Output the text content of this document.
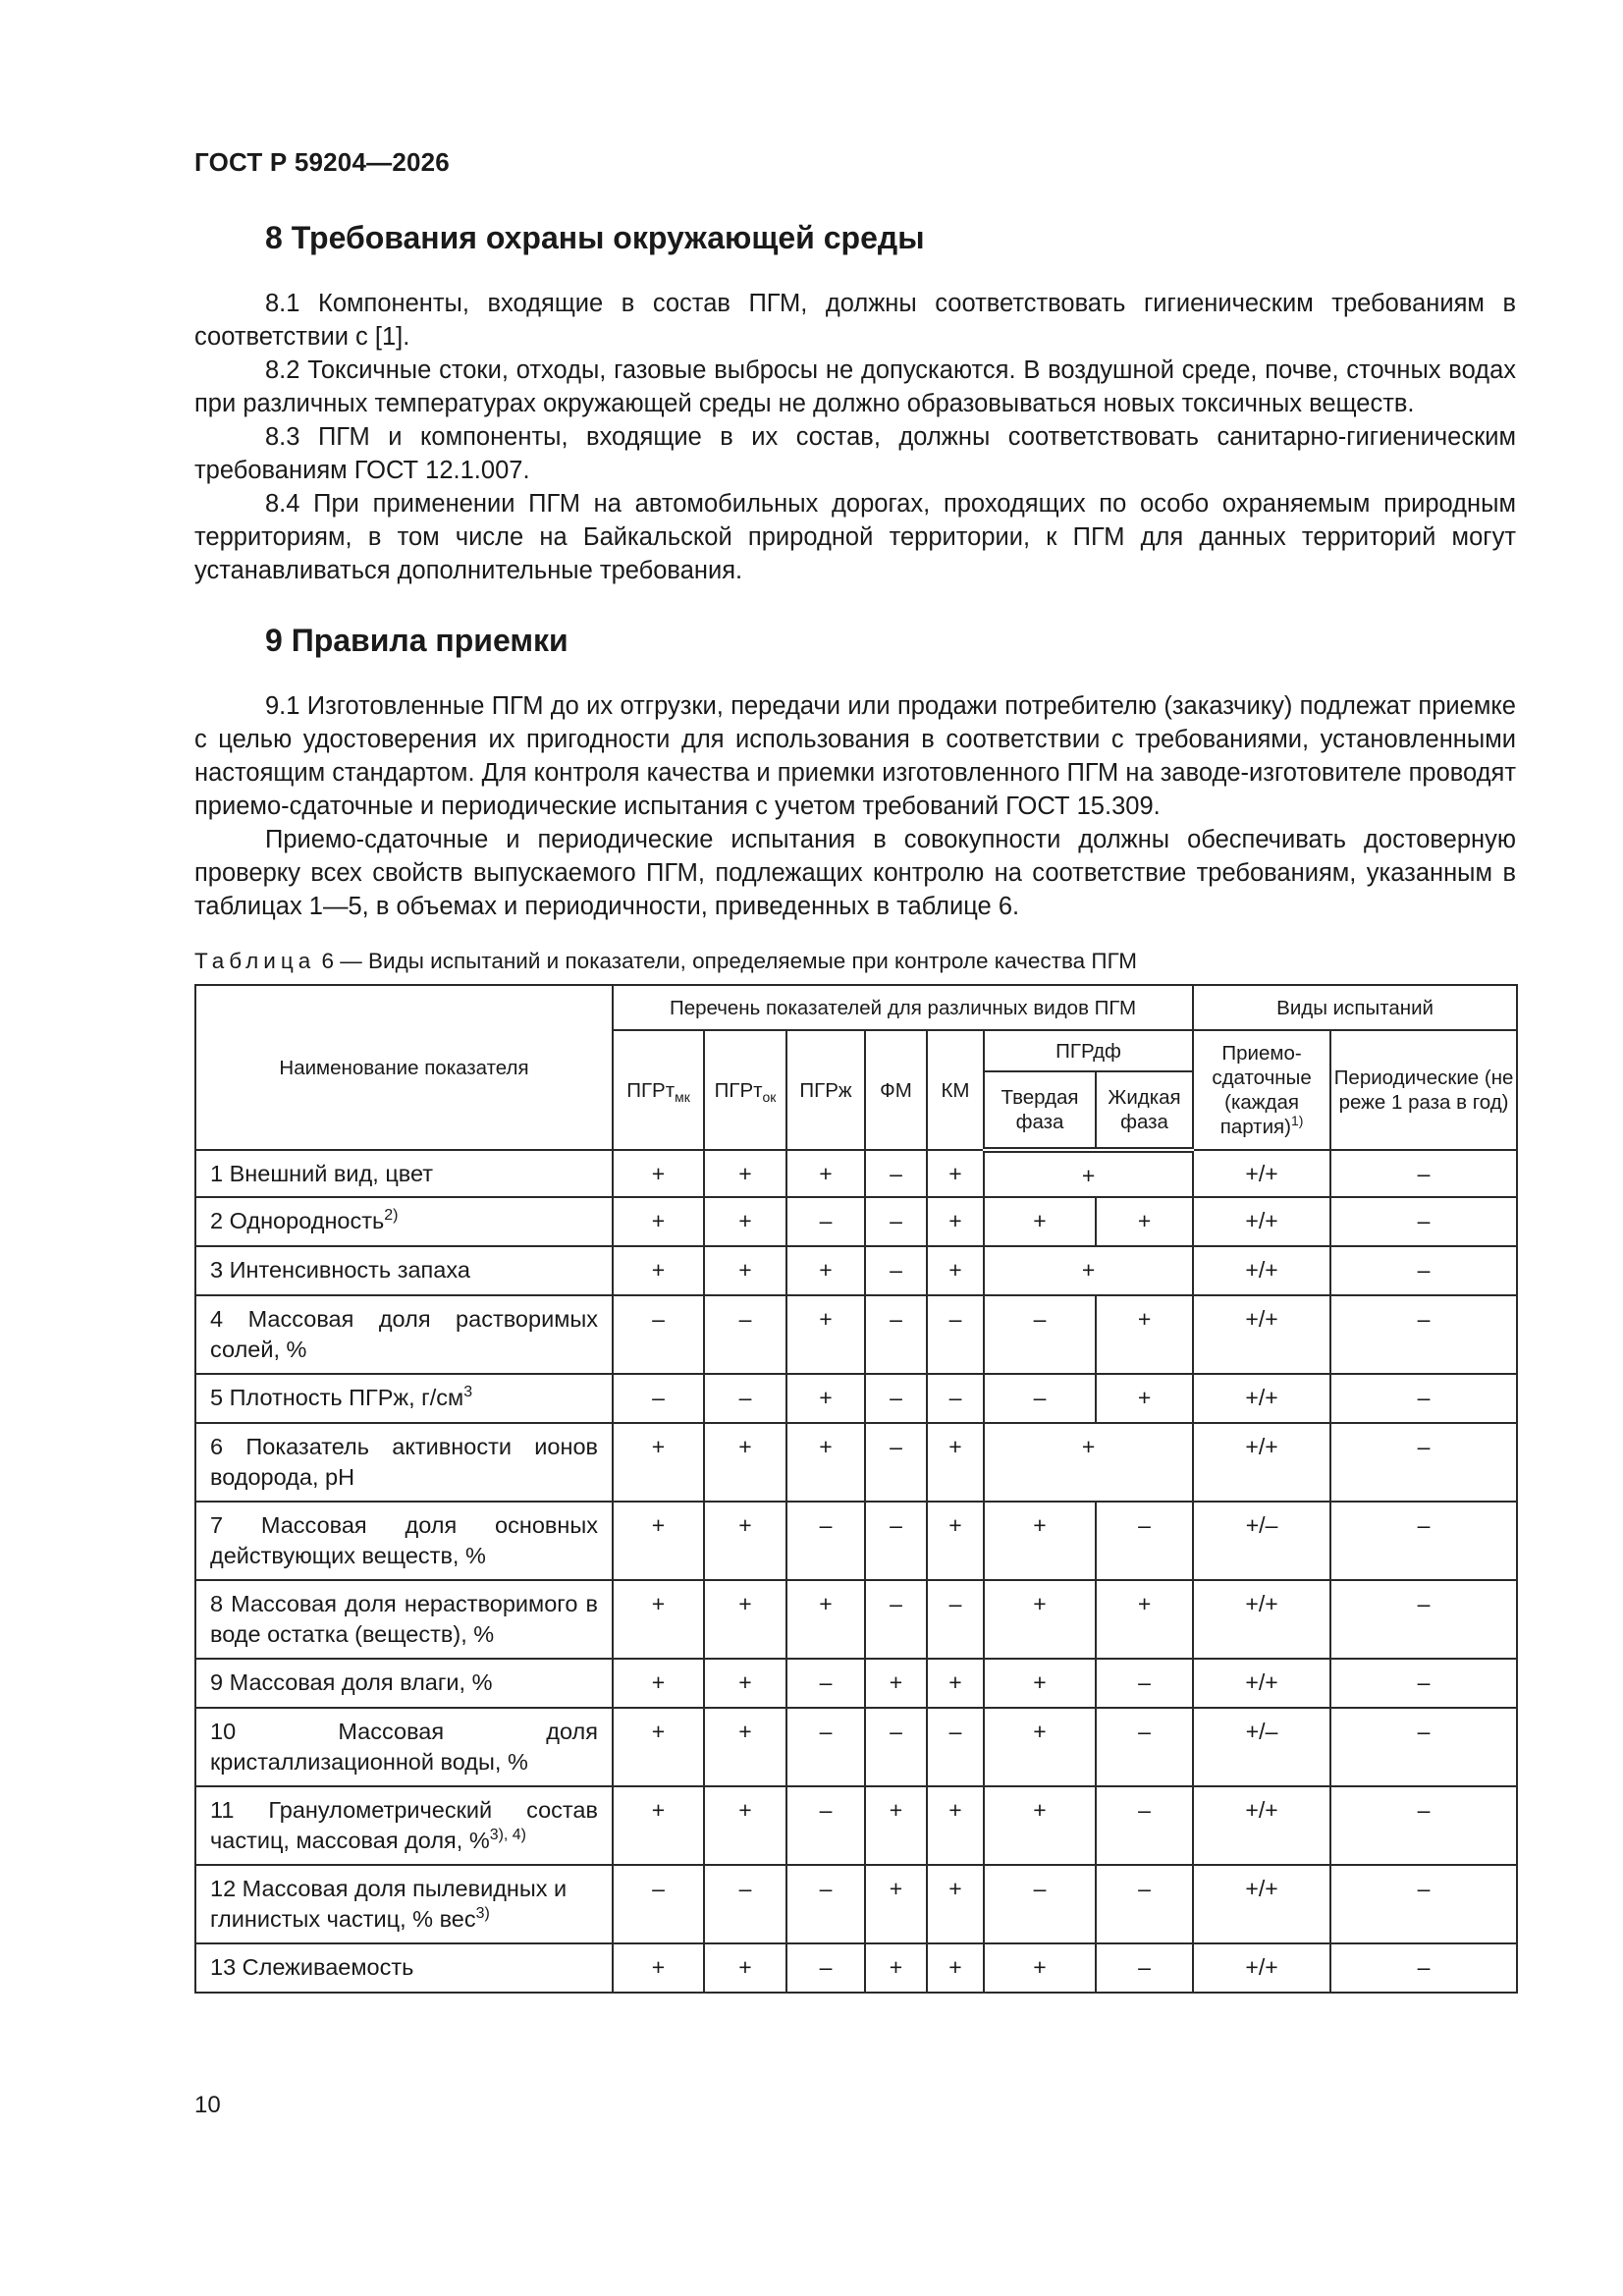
ГОСТ Р 59204—2026
8 Требования охраны окружающей среды

8.1 Компоненты, входящие в состав ПГМ, должны соответствовать гигиеническим требованиям в соответствии с [1].

8.2 Токсичные стоки, отходы, газовые выбросы не допускаются. В воздушной среде, почве, сточных водах при различных температурах окружающей среды не должно образовываться новых токсичных веществ.

8.3 ПГМ и компоненты, входящие в их состав, должны соответствовать санитарно-гигиеническим требованиям ГОСТ 12.1.007.

8.4 При применении ПГМ на автомобильных дорогах, проходящих по особо охраняемым природным территориям, в том числе на Байкальской природной территории, к ПГМ для данных территорий могут устанавливаться дополнительные требования.

9 Правила приемки

9.1 Изготовленные ПГМ до их отгрузки, передачи или продажи потребителю (заказчику) подлежат приемке с целью удостоверения их пригодности для использования в соответствии с требованиями, установленными настоящим стандартом. Для контроля качества и приемки изготовленного ПГМ на заводе-изготовителе проводят приемо-сдаточные и периодические испытания с учетом требований ГОСТ 15.309.

Приемо-сдаточные и периодические испытания в совокупности должны обеспечивать достоверную проверку всех свойств выпускаемого ПГМ, подлежащих контролю на соответствие требованиям, указанным в таблицах 1—5, в объемах и периодичности, приведенных в таблице 6.

Таблица 6 — Виды испытаний и показатели, определяемые при контроле качества ПГМ
Наименование показателя	Перечень показателей для различных видов ПГМ							Виды испытаний	
	ПГРт$_{мк}$	ПГРт$_{ок}$	ПГРж	ФМ	КМ	ПГРдф		Приемо-сдаточные (каждая партия)$^{1)}$	Периодические (не реже 1 раза в год)
						Твердая фаза	Жидкая фаза		
1 Внешний вид, цвет	+	+	+	–	+	+		+/+	–
2 Однородность$^{2)}$	+	+	–	–	+	+	+	+/+	–
3 Интенсивность запаха	+	+	+	–	+	+		+/+	–
4 Массовая доля растворимых солей, %	–	–	+	–	–	–	+	+/+	–
5 Плотность ПГРж, $г/см^3$	–	–	+	–	–	–	+	+/+	–
6 Показатель активности ионов водорода, pH	+	+	+	–	+	+		+/+	–
7 Массовая доля основных действующих веществ, %	+	+	–	–	+	+	–	+/–	–
8 Массовая доля нерастворимого в воде остатка (веществ), %	+	+	+	–	–	+	+	+/+	–
9 Массовая доля влаги, %	+	+	–	+	+	+	–	+/+	–
10 Массовая доля кристаллизационной воды, %	+	+	–	–	–	+	–	+/–	–
11 Гранулометрический состав частиц, массовая доля, %$^{3), 4)}$	+	+	–	+	+	+	–	+/+	–
12 Массовая доля пылевидных и глинистых частиц, % вес$^{3)}$	–	–	–	+	+	–	–	+/+	–
13 Слеживаемость	+	+	–	+	+	+	–	+/+	–
10
